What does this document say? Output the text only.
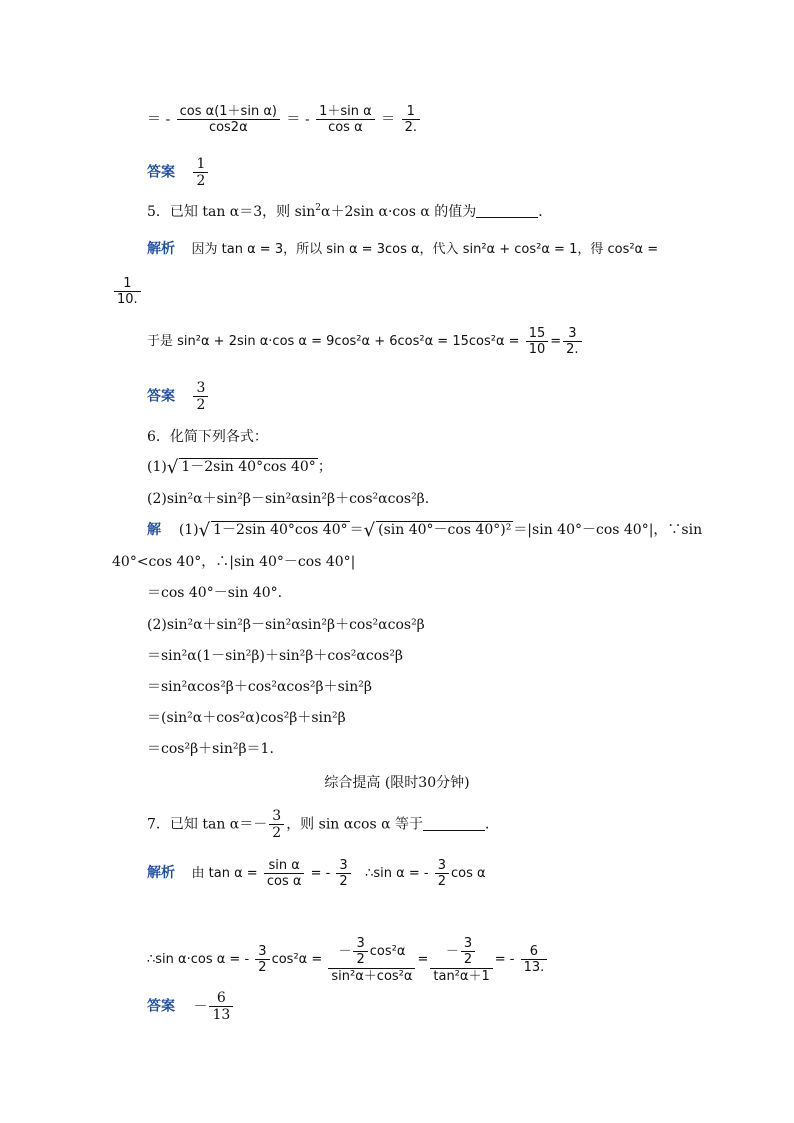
＝ - $\frac{\text{cos α(1＋sin α)}}{\cos 2\alpha}$ ＝ - $\frac{\text{1＋sin α}}{\text{cos α}} = \frac{1}{2.}$
答案 $\frac{1}{2}$
5．已知 tan α＝3，则 $\sin^2\alpha+2\sin$ α·cos α 的值为	．
解析 因为 tan α = 3，所以 sin α = 3cos α，代入 sin²α + cos²α = 1，得 cos²α =
$\frac{1}{10.}$
于是 sin²α + 2sin α·cos $\alpha = 9\cos^2\alpha + 6\cos^2\alpha = 15\cos^2\alpha = \frac{15}{10} = \frac{3}{2.}$
答案 $\frac{3}{2}$
6．化简下列各式：
(1)√ 1－2sin 40°cos 40° ；
(2)sin²α＋sin²β－sin²αsin²β＋cos²αcos²β.
解 (1)√ 1－2sin 40°cos 40° ＝√ (sin 40°－cos 40°)² ＝|sin 40°－cos 40°|，∵sin
40°<cos 40°，∴|sin 40°－cos 40°|
＝cos 40°－sin 40°.
(2)sin²α＋sin²β－sin²αsin²β＋cos²αcos²β
＝sin²α(1－sin²β)＋sin²β＋cos²αcos²β
＝sin²αcos²β＋cos²αcos²β＋sin²β
＝(sin²α＋cos²α)cos²β＋sin²β
＝cos²β＋sin²β＝1.
综合提高 (限时30分钟)
7．已知 $\tan \alpha=- \frac{3}{2}$ ，则 sin αcos α 等于	．
解析 由 $\tan \alpha = \frac{\text{sin α}}{\text{cos α}}$ = - $\frac{3}{2}$ ∴sin α = - $\frac{3}{2}$ cos α
∴sin α·cos α = - $\frac{3}{2} \cos^2\alpha = \frac{- \frac{3}{2} \cos^2\alpha}{\text{sin²α＋cos²α}} = \frac{- \frac{3}{2}}{\text{tan²α＋1}}$ = - $\frac{6}{13.}$
答案 － $\frac{6}{13}$
